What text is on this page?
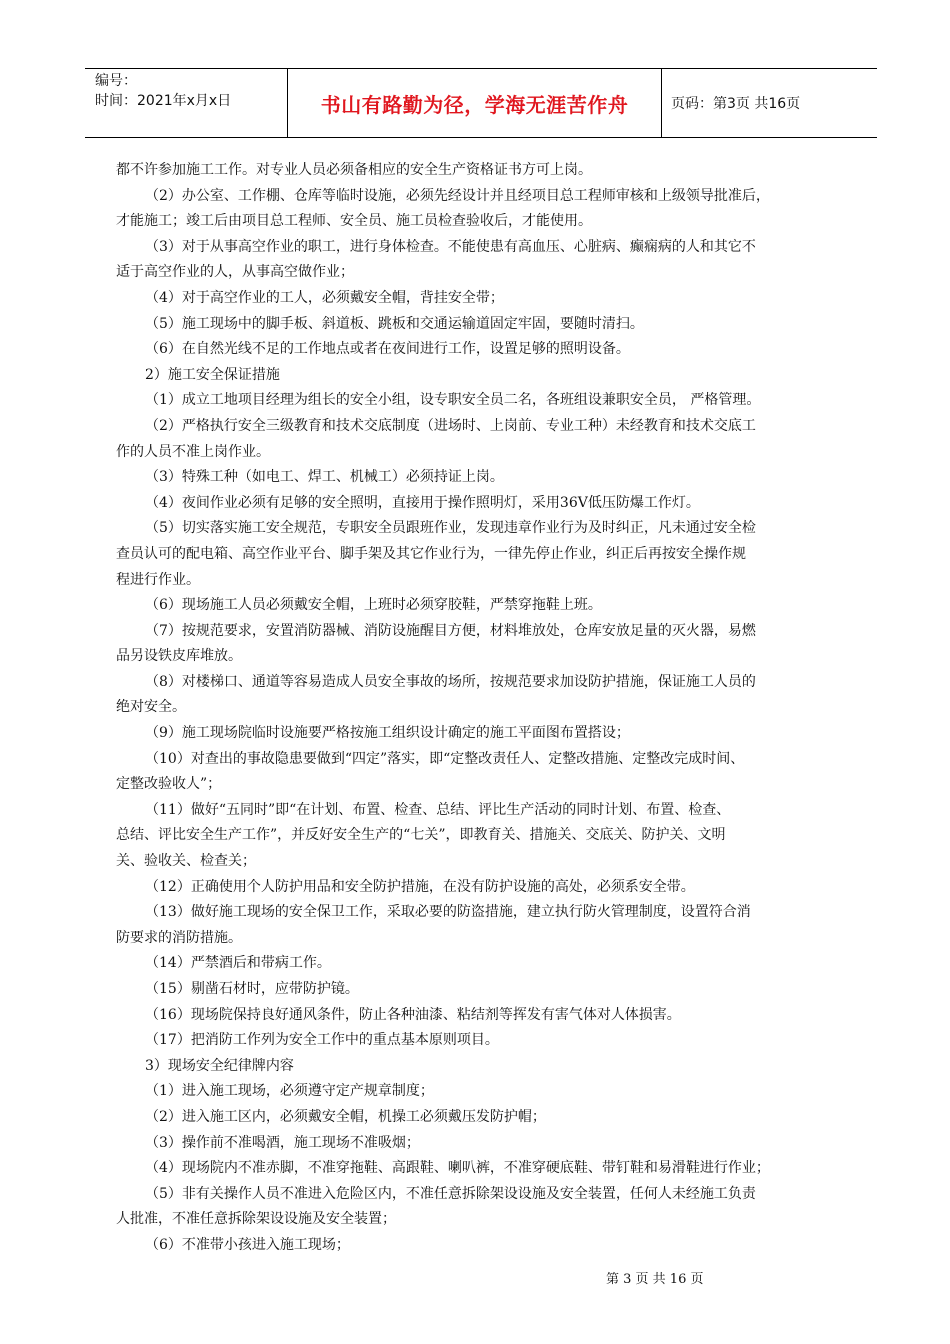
编号：
时间：2021年x月x日	书山有路勤为径，学海无涯苦作舟	页码：第3页 共16页

都不许参加施工工作。对专业人员必须备相应的安全生产资格证书方可上岗。

（2）办公室、工作棚、仓库等临时设施，必须先经设计并且经项目总工程师审核和上级领导批准后，

才能施工；竣工后由项目总工程师、安全员、施工员检查验收后，才能使用。

（3）对于从事高空作业的职工，进行身体检查。不能使患有高血压、心脏病、癫痫病的人和其它不

适于高空作业的人，从事高空做作业；

（4）对于高空作业的工人，必须戴安全帽，背挂安全带；

（5）施工现场中的脚手板、斜道板、跳板和交通运输道固定牢固，要随时清扫。

（6）在自然光线不足的工作地点或者在夜间进行工作，设置足够的照明设备。

2）施工安全保证措施

（1）成立工地项目经理为组长的安全小组，设专职安全员二名，各班组设兼职安全员， 严格管理。

（2）严格执行安全三级教育和技术交底制度（进场时、上岗前、专业工种）未经教育和技术交底工

作的人员不准上岗作业。

（3）特殊工种（如电工、焊工、机械工）必须持证上岗。

（4）夜间作业必须有足够的安全照明，直接用于操作照明灯，采用36V低压防爆工作灯。

（5）切实落实施工安全规范，专职安全员跟班作业，发现违章作业行为及时纠正，凡未通过安全检

查员认可的配电箱、高空作业平台、脚手架及其它作业行为，一律先停止作业，纠正后再按安全操作规

程进行作业。

（6）现场施工人员必须戴安全帽，上班时必须穿胶鞋，严禁穿拖鞋上班。

（7）按规范要求，安置消防器械、消防设施醒目方便，材料堆放处，仓库安放足量的灭火器，易燃

品另设铁皮库堆放。

（8）对楼梯口、通道等容易造成人员安全事故的场所，按规范要求加设防护措施，保证施工人员的

绝对安全。

（9）施工现场院临时设施要严格按施工组织设计确定的施工平面图布置搭设；

（10）对查出的事故隐患要做到“四定”落实，即“定整改责任人、定整改措施、定整改完成时间、

定整改验收人”；

（11）做好“五同时”即“在计划、布置、检查、总结、评比生产活动的同时计划、布置、检查、

总结、评比安全生产工作”，并反好安全生产的“七关”，即教育关、措施关、交底关、防护关、文明

关、验收关、检查关；

（12）正确使用个人防护用品和安全防护措施，在没有防护设施的高处，必须系安全带。

（13）做好施工现场的安全保卫工作，采取必要的防盗措施，建立执行防火管理制度，设置符合消

防要求的消防措施。

（14）严禁酒后和带病工作。

（15）剔凿石材时，应带防护镜。

（16）现场院保持良好通风条件，防止各种油漆、粘结剂等挥发有害气体对人体损害。

（17）把消防工作列为安全工作中的重点基本原则项目。

3）现场安全纪律牌内容

（1）进入施工现场，必须遵守定产规章制度；

（2）进入施工区内，必须戴安全帽，机操工必须戴压发防护帽；

（3）操作前不准喝酒，施工现场不准吸烟；

（4）现场院内不准赤脚，不准穿拖鞋、高跟鞋、喇叭裤，不准穿硬底鞋、带钉鞋和易滑鞋进行作业；

（5）非有关操作人员不准进入危险区内，不准任意拆除架设设施及安全装置，任何人未经施工负责

人批准，不准任意拆除架设设施及安全装置；

（6）不准带小孩进入施工现场；

第 3 页 共 16 页
